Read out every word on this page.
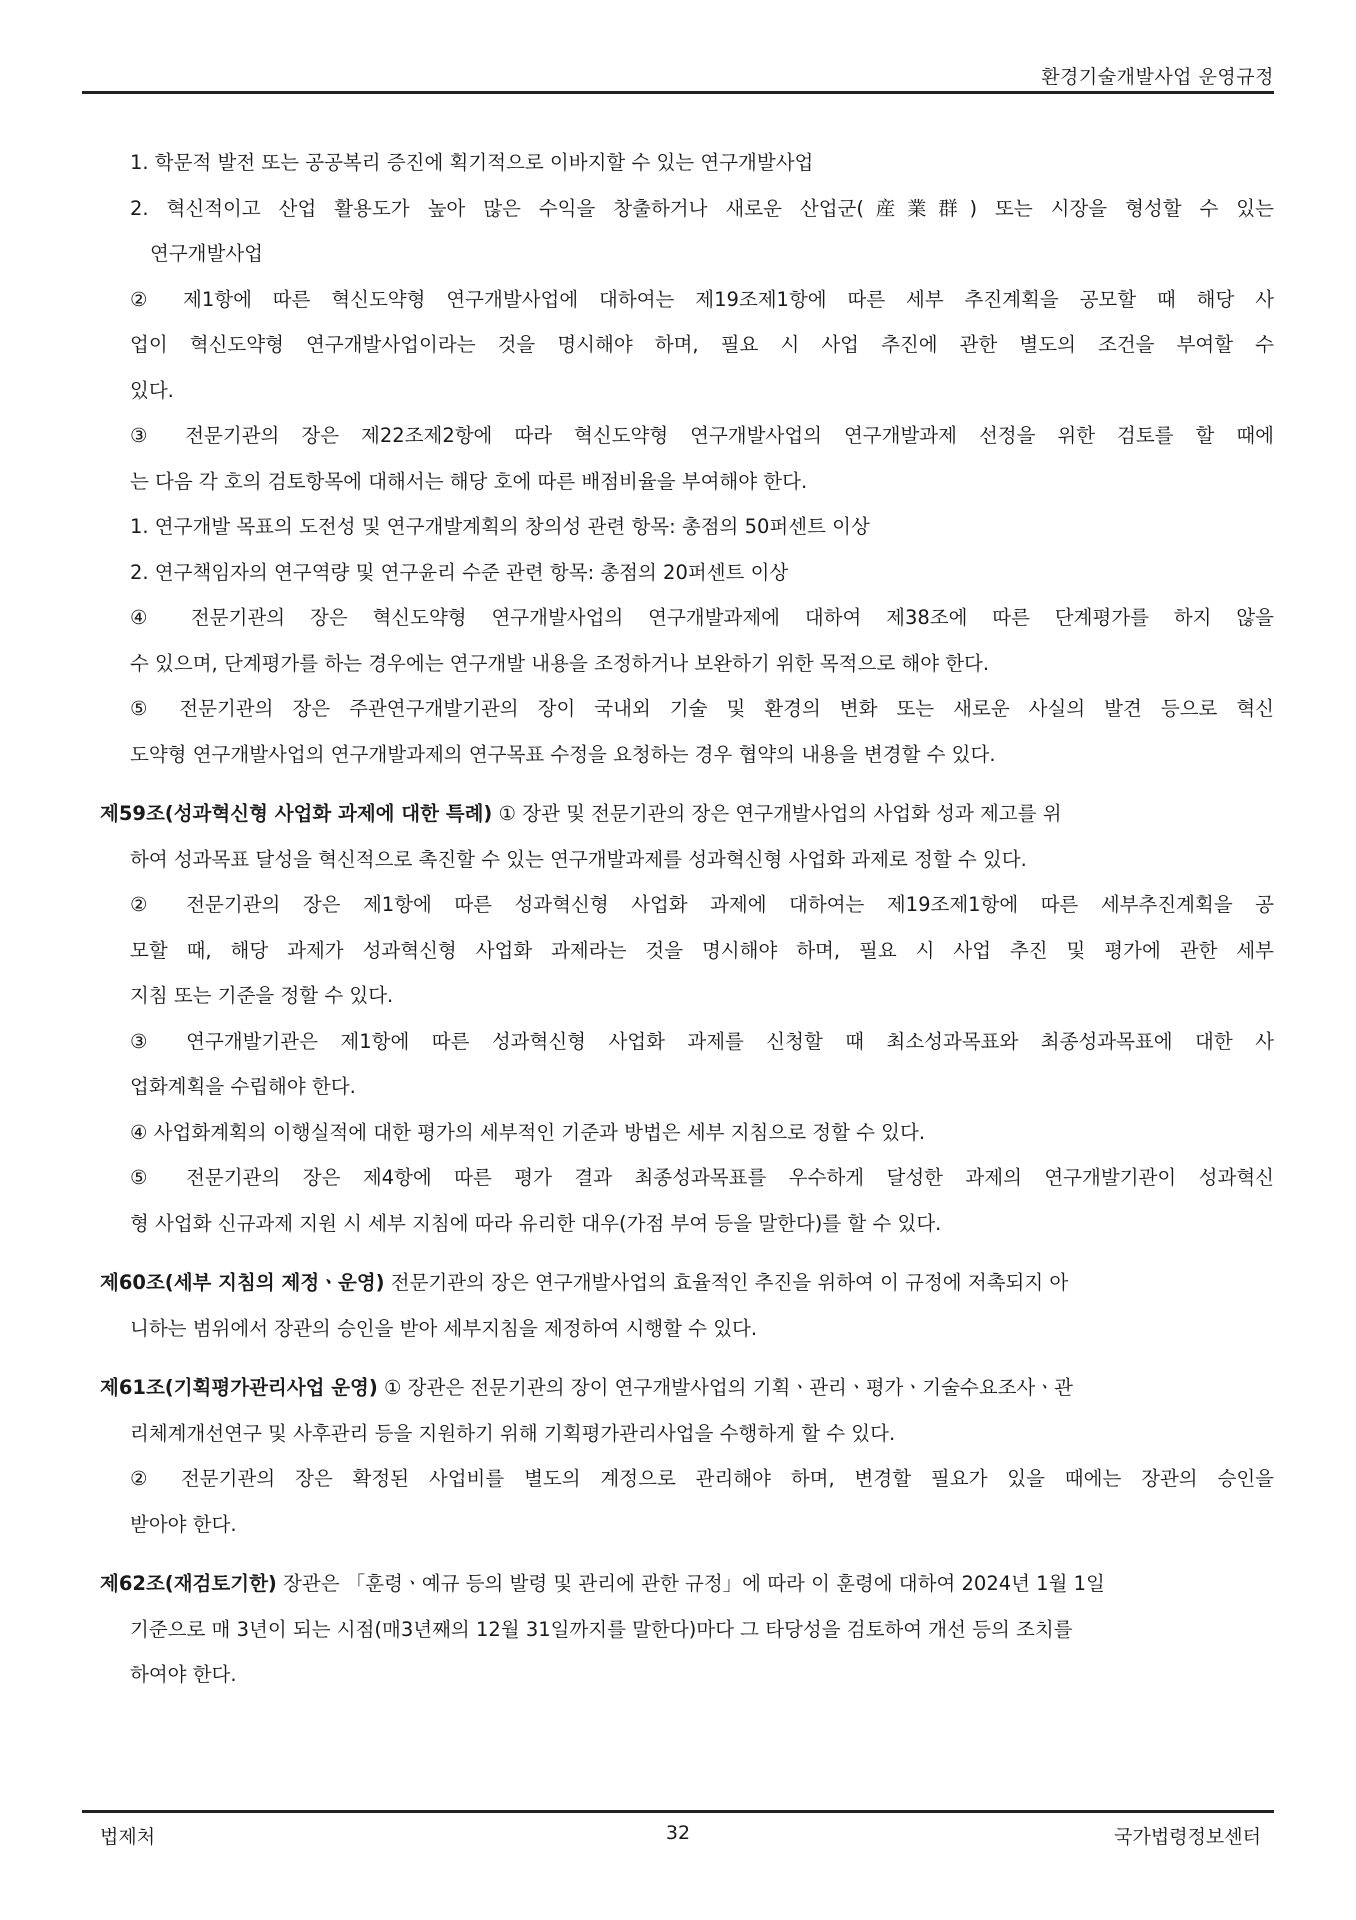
환경기술개발사업 운영규정
1. 학문적 발전 또는 공공복리 증진에 획기적으로 이바지할 수 있는 연구개발사업
2. 혁신적이고 산업 활용도가 높아 많은 수익을 창출하거나 새로운 산업군(産業群) 또는 시장을 형성할 수 있는
연구개발사업
② 제1항에 따른 혁신도약형 연구개발사업에 대하여는 제19조제1항에 따른 세부 추진계획을 공모할 때 해당 사
업이 혁신도약형 연구개발사업이라는 것을 명시해야 하며, 필요 시 사업 추진에 관한 별도의 조건을 부여할 수
있다.
③ 전문기관의 장은 제22조제2항에 따라 혁신도약형 연구개발사업의 연구개발과제 선정을 위한 검토를 할 때에
는 다음 각 호의 검토항목에 대해서는 해당 호에 따른 배점비율을 부여해야 한다.
1. 연구개발 목표의 도전성 및 연구개발계획의 창의성 관련 항목: 총점의 50퍼센트 이상
2. 연구책임자의 연구역량 및 연구윤리 수준 관련 항목: 총점의 20퍼센트 이상
④ 전문기관의 장은 혁신도약형 연구개발사업의 연구개발과제에 대하여 제38조에 따른 단계평가를 하지 않을
수 있으며, 단계평가를 하는 경우에는 연구개발 내용을 조정하거나 보완하기 위한 목적으로 해야 한다.
⑤ 전문기관의 장은 주관연구개발기관의 장이 국내외 기술 및 환경의 변화 또는 새로운 사실의 발견 등으로 혁신
도약형 연구개발사업의 연구개발과제의 연구목표 수정을 요청하는 경우 협약의 내용을 변경할 수 있다.
제59조(성과혁신형 사업화 과제에 대한 특례) ① 장관 및 전문기관의 장은 연구개발사업의 사업화 성과 제고를 위
하여 성과목표 달성을 혁신적으로 촉진할 수 있는 연구개발과제를 성과혁신형 사업화 과제로 정할 수 있다.
② 전문기관의 장은 제1항에 따른 성과혁신형 사업화 과제에 대하여는 제19조제1항에 따른 세부추진계획을 공
모할 때, 해당 과제가 성과혁신형 사업화 과제라는 것을 명시해야 하며, 필요 시 사업 추진 및 평가에 관한 세부
지침 또는 기준을 정할 수 있다.
③ 연구개발기관은 제1항에 따른 성과혁신형 사업화 과제를 신청할 때 최소성과목표와 최종성과목표에 대한 사
업화계획을 수립해야 한다.
④ 사업화계획의 이행실적에 대한 평가의 세부적인 기준과 방법은 세부 지침으로 정할 수 있다.
⑤ 전문기관의 장은 제4항에 따른 평가 결과 최종성과목표를 우수하게 달성한 과제의 연구개발기관이 성과혁신
형 사업화 신규과제 지원 시 세부 지침에 따라 유리한 대우(가점 부여 등을 말한다)를 할 수 있다.
제60조(세부 지침의 제정ㆍ운영) 전문기관의 장은 연구개발사업의 효율적인 추진을 위하여 이 규정에 저촉되지 아
니하는 범위에서 장관의 승인을 받아 세부지침을 제정하여 시행할 수 있다.
제61조(기획평가관리사업 운영) ① 장관은 전문기관의 장이 연구개발사업의 기획ㆍ관리ㆍ평가ㆍ기술수요조사ㆍ관
리체계개선연구 및 사후관리 등을 지원하기 위해 기획평가관리사업을 수행하게 할 수 있다.
② 전문기관의 장은 확정된 사업비를 별도의 계정으로 관리해야 하며, 변경할 필요가 있을 때에는 장관의 승인을
받아야 한다.
제62조(재검토기한) 장관은 「훈령ㆍ예규 등의 발령 및 관리에 관한 규정」에 따라 이 훈령에 대하여 2024년 1월 1일
기준으로 매 3년이 되는 시점(매3년째의 12월 31일까지를 말한다)마다 그 타당성을 검토하여 개선 등의 조치를
하여야 한다.
법제처	32	국가법령정보센터
